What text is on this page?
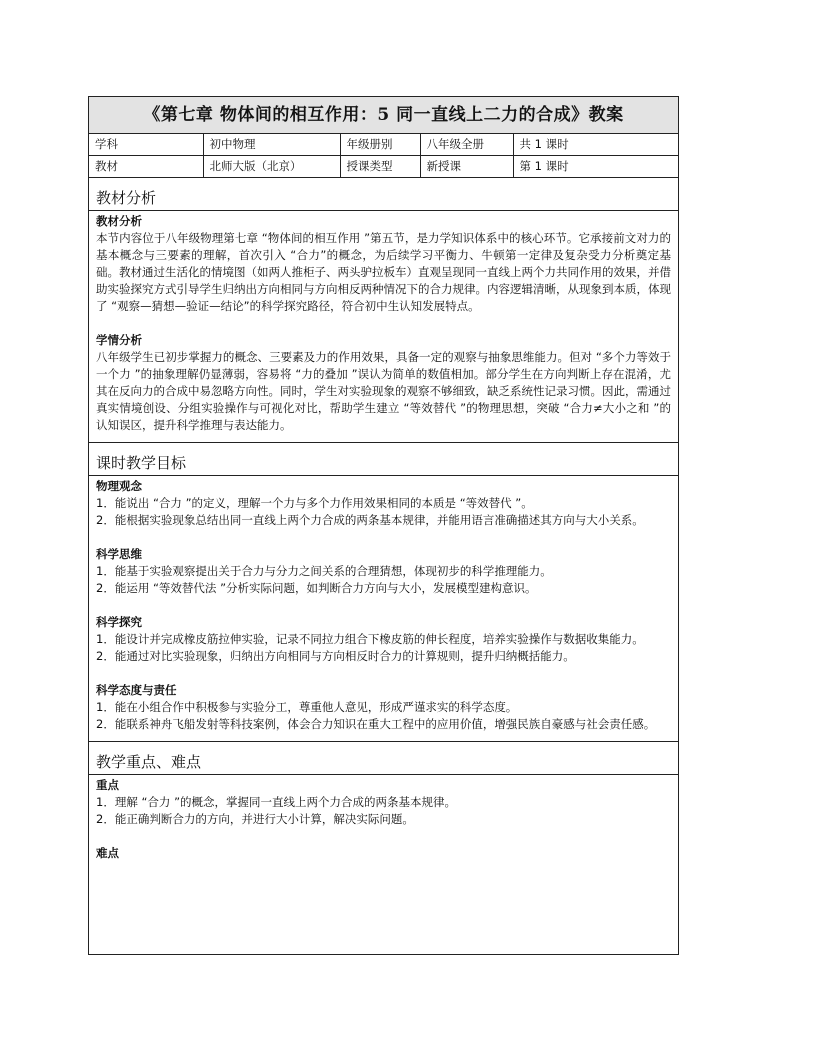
《第七章 物体间的相互作用：5 同一直线上二力的合成》教案
学科	初中物理	年级册别	八年级全册	共 1 课时
教材	北师大版（北京）	授课类型	新授课	第 1 课时
教材分析
教材分析

本节内容位于八年级物理第七章 “物体间的相互作用 ”第五节，是力学知识体系中的核心环节。它承接前文对力的基本概念与三要素的理解，首次引入 “合力”的概念，为后续学习平衡力、牛顿第一定律及复杂受力分析奠定基础。教材通过生活化的情境图（如两人推柜子、两头驴拉板车）直观呈现同一直线上两个力共同作用的效果，并借助实验探究方式引导学生归纳出方向相同与方向相反两种情况下的合力规律。内容逻辑清晰，从现象到本质，体现了 “观察—猜想—验证—结论”的科学探究路径，符合初中生认知发展特点。

学情分析

八年级学生已初步掌握力的概念、三要素及力的作用效果，具备一定的观察与抽象思维能力。但对 “多个力等效于一个力 ”的抽象理解仍显薄弱，容易将 “力的叠加 ”误认为简单的数值相加。部分学生在方向判断上存在混淆，尤其在反向力的合成中易忽略方向性。同时，学生对实验现象的观察不够细致，缺乏系统性记录习惯。因此，需通过真实情境创设、分组实验操作与可视化对比，帮助学生建立 “等效替代 ”的物理思想，突破 “合力≠大小之和 ”的认知误区，提升科学推理与表达能力。

课时教学目标
物理观念

1．能说出 “合力 ”的定义，理解一个力与多个力作用效果相同的本质是 “等效替代 ”。

2．能根据实验现象总结出同一直线上两个力合成的两条基本规律，并能用语言准确描述其方向与大小关系。

科学思维

1．能基于实验观察提出关于合力与分力之间关系的合理猜想，体现初步的科学推理能力。

2．能运用 “等效替代法 ”分析实际问题，如判断合力方向与大小，发展模型建构意识。

科学探究

1．能设计并完成橡皮筋拉伸实验，记录不同拉力组合下橡皮筋的伸长程度，培养实验操作与数据收集能力。

2．能通过对比实验现象，归纳出方向相同与方向相反时合力的计算规则，提升归纳概括能力。

科学态度与责任

1．能在小组合作中积极参与实验分工，尊重他人意见，形成严谨求实的科学态度。

2．能联系神舟飞船发射等科技案例，体会合力知识在重大工程中的应用价值，增强民族自豪感与社会责任感。

教学重点、难点
重点

1．理解 “合力 ”的概念，掌握同一直线上两个力合成的两条基本规律。

2．能正确判断合力的方向，并进行大小计算，解决实际问题。

难点
